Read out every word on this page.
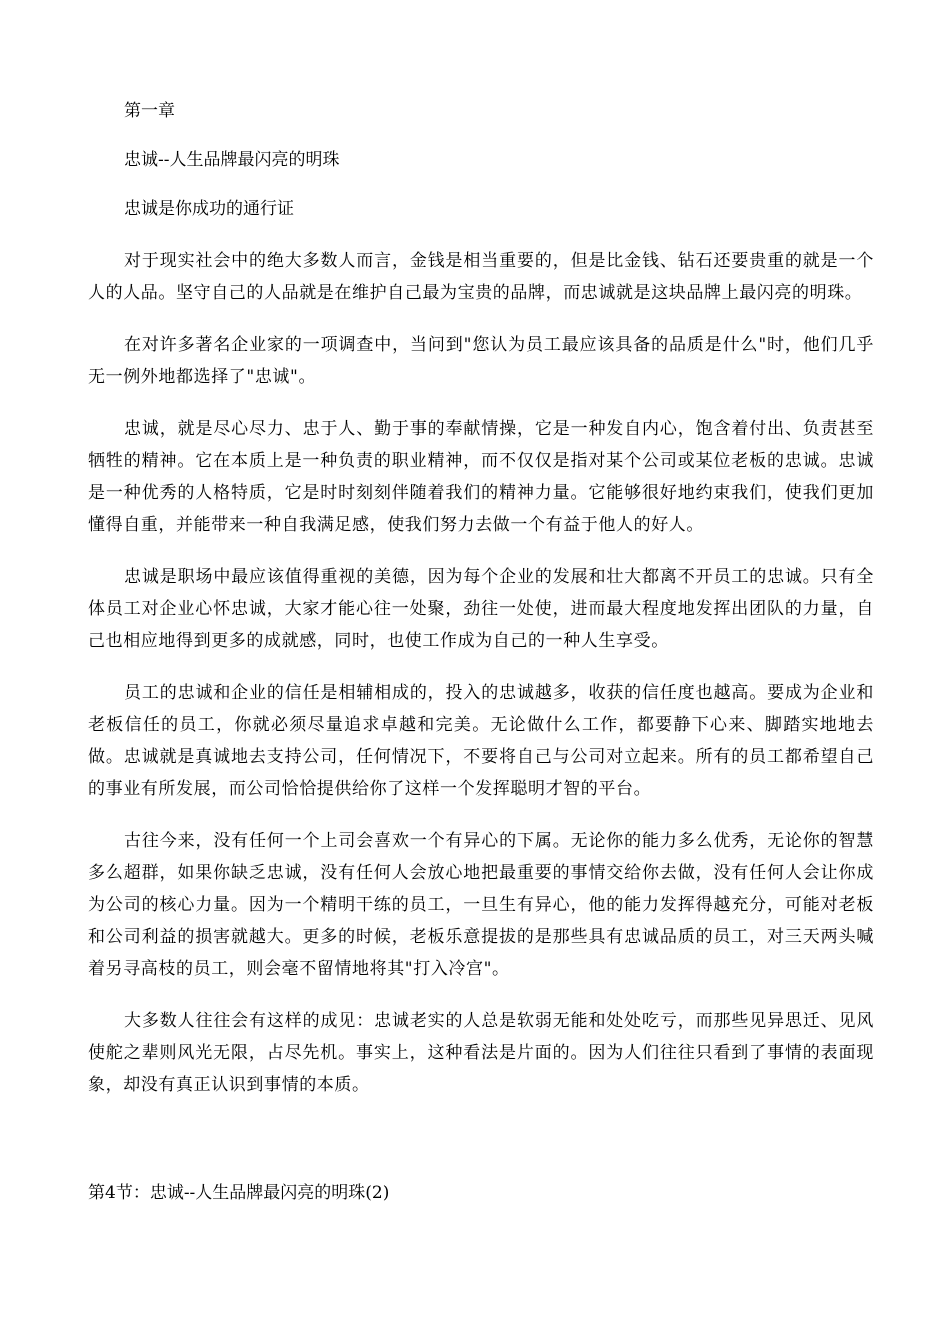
第一章
忠诚--人生品牌最闪亮的明珠
忠诚是你成功的通行证

对于现实社会中的绝大多数人而言，金钱是相当重要的，但是比金钱、钻石还要贵重的就是一个人的人品。坚守自己的人品就是在维护自己最为宝贵的品牌，而忠诚就是这块品牌上最闪亮的明珠。

在对许多著名企业家的一项调查中，当问到"您认为员工最应该具备的品质是什么"时，他们几乎无一例外地都选择了"忠诚"。

忠诚，就是尽心尽力、忠于人、勤于事的奉献情操，它是一种发自内心，饱含着付出、负责甚至牺牲的精神。它在本质上是一种负责的职业精神，而不仅仅是指对某个公司或某位老板的忠诚。忠诚是一种优秀的人格特质，它是时时刻刻伴随着我们的精神力量。它能够很好地约束我们，使我们更加懂得自重，并能带来一种自我满足感，使我们努力去做一个有益于他人的好人。

忠诚是职场中最应该值得重视的美德，因为每个企业的发展和壮大都离不开员工的忠诚。只有全体员工对企业心怀忠诚，大家才能心往一处聚，劲往一处使，进而最大程度地发挥出团队的力量，自己也相应地得到更多的成就感，同时，也使工作成为自己的一种人生享受。

员工的忠诚和企业的信任是相辅相成的，投入的忠诚越多，收获的信任度也越高。要成为企业和老板信任的员工，你就必须尽量追求卓越和完美。无论做什么工作，都要静下心来、脚踏实地地去做。忠诚就是真诚地去支持公司，任何情况下，不要将自己与公司对立起来。所有的员工都希望自己的事业有所发展，而公司恰恰提供给你了这样一个发挥聪明才智的平台。

古往今来，没有任何一个上司会喜欢一个有异心的下属。无论你的能力多么优秀，无论你的智慧多么超群，如果你缺乏忠诚，没有任何人会放心地把最重要的事情交给你去做，没有任何人会让你成为公司的核心力量。因为一个精明干练的员工，一旦生有异心，他的能力发挥得越充分，可能对老板和公司利益的损害就越大。更多的时候，老板乐意提拔的是那些具有忠诚品质的员工，对三天两头喊着另寻高枝的员工，则会毫不留情地将其"打入冷宫"。

大多数人往往会有这样的成见：忠诚老实的人总是软弱无能和处处吃亏，而那些见异思迁、见风使舵之辈则风光无限，占尽先机。事实上，这种看法是片面的。因为人们往往只看到了事情的表面现象，却没有真正认识到事情的本质。

第4节：忠诚--人生品牌最闪亮的明珠(2)
